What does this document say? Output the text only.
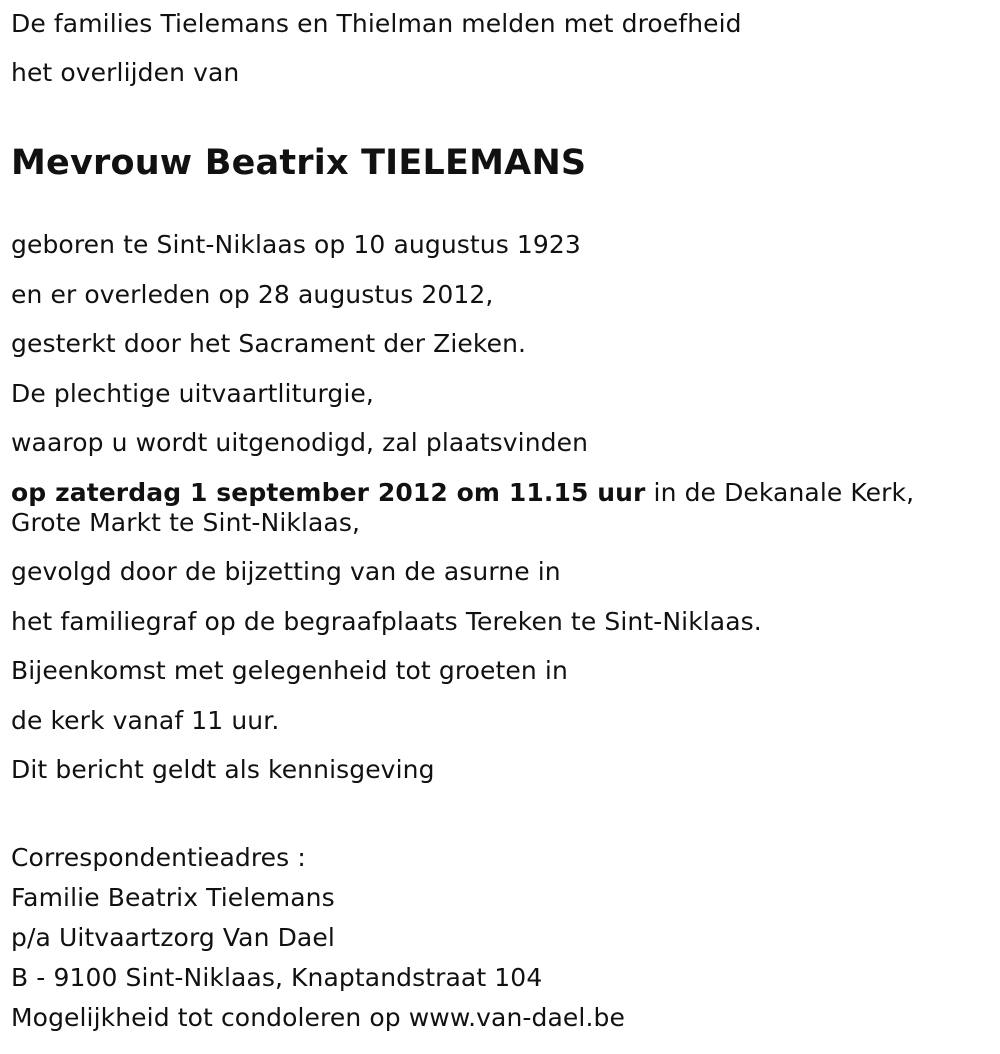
De families Tielemans en Thielman melden met droefheid

het overlijden van

Mevrouw Beatrix TIELEMANS

geboren te Sint-Niklaas op 10 augustus 1923

en er overleden op 28 augustus 2012,

gesterkt door het Sacrament der Zieken.

De plechtige uitvaartliturgie,

waarop u wordt uitgenodigd, zal plaatsvinden

op zaterdag 1 september 2012 om 11.15 uur in de Dekanale Kerk, Grote Markt te Sint-Niklaas,

gevolgd door de bijzetting van de asurne in

het familiegraf op de begraafplaats Tereken te Sint-Niklaas.

Bijeenkomst met gelegenheid tot groeten in

de kerk vanaf 11 uur.

Dit bericht geldt als kennisgeving

Correspondentieadres :

Familie Beatrix Tielemans

p/a Uitvaartzorg Van Dael

B - 9100 Sint-Niklaas, Knaptandstraat 104

Mogelijkheid tot condoleren op www.van-dael.be
